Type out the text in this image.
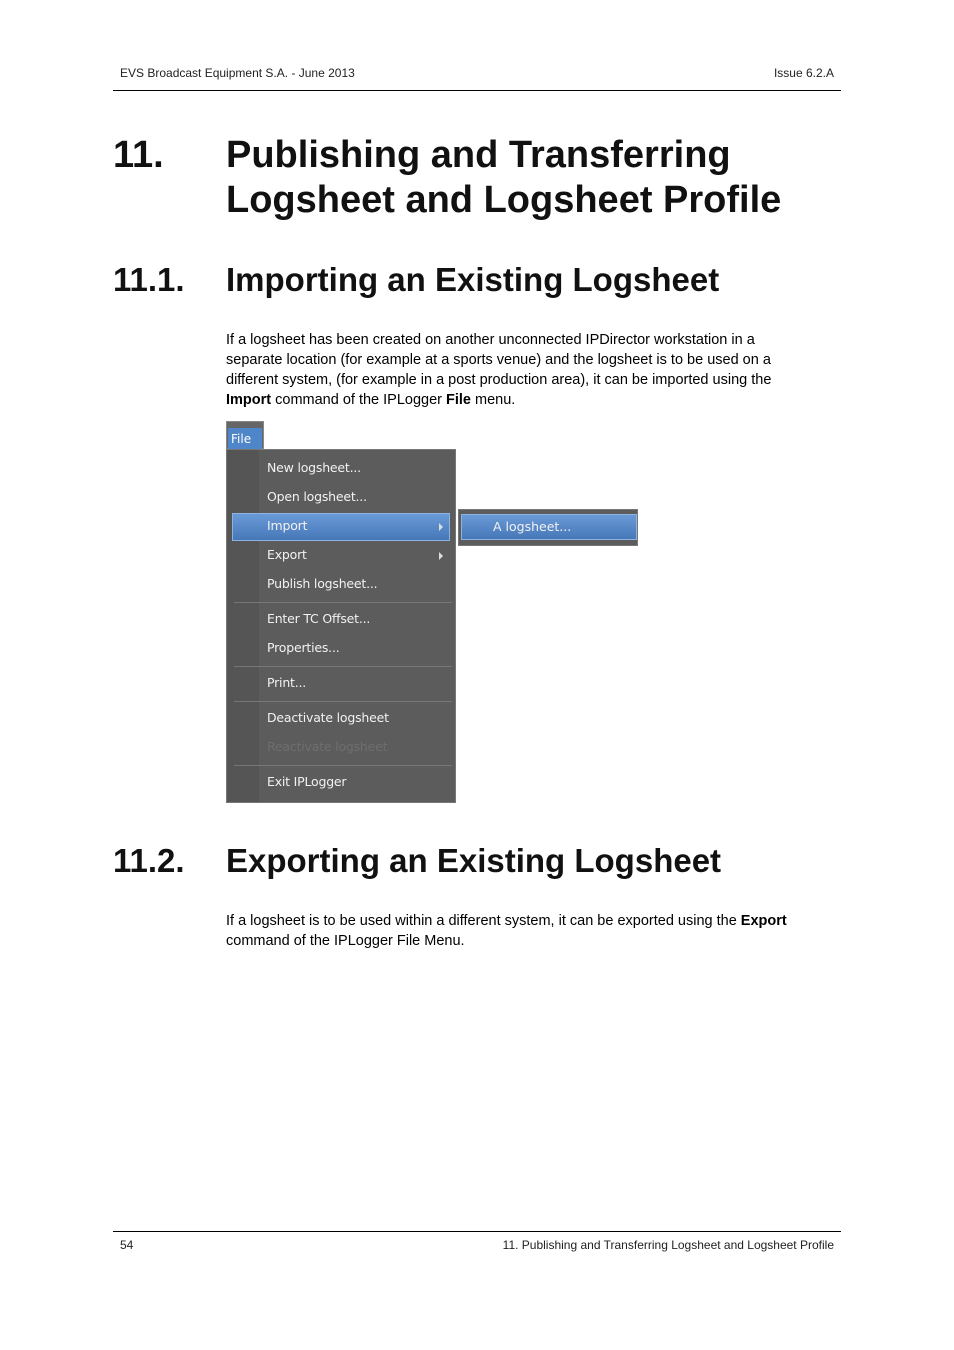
EVS Broadcast Equipment S.A. - June 2013	Issue 6.2.A
11. Publishing and Transferring
Logsheet and Logsheet Profile
11.1. Importing an Existing Logsheet
If a logsheet has been created on another unconnected IPDirector workstation in a
separate location (for example at a sports venue) and the logsheet is to be used on a
different system, (for example in a post production area), it can be imported using the
Import command of the IPLogger File menu.
File
New logsheet...
Open logsheet...
Import
Export
Publish logsheet...
Enter TC Offset...
Properties...
Print...
Deactivate logsheet
Reactivate logsheet
Exit IPLogger
A logsheet...
11.2. Exporting an Existing Logsheet
If a logsheet is to be used within a different system, it can be exported using the Export
command of the IPLogger File Menu.
54	11. Publishing and Transferring Logsheet and Logsheet Profile
